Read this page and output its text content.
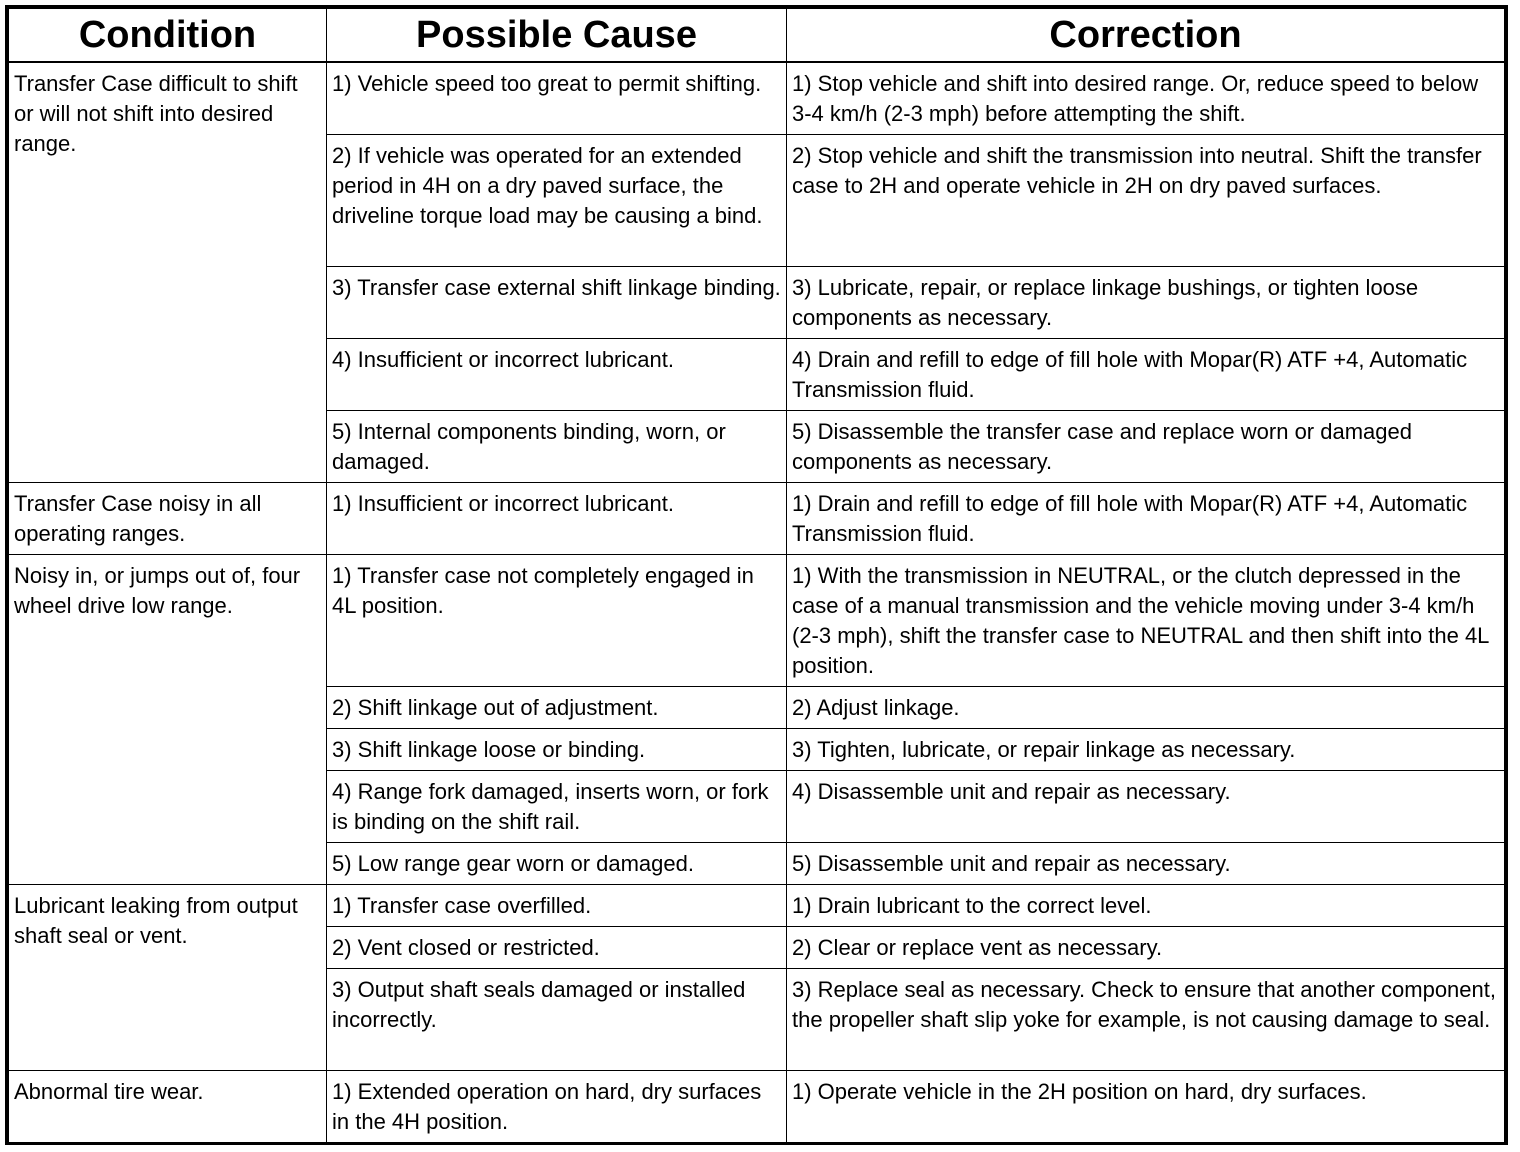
Condition	Possible Cause	Correction
Transfer Case difficult to shift or will not shift into desired range.	1) Vehicle speed too great to permit shifting.	1) Stop vehicle and shift into desired range. Or, reduce speed to below 3-4 km/h (2-3 mph) before attempting the shift.
	2) If vehicle was operated for an extended period in 4H on a dry paved surface, the driveline torque load may be causing a bind.	2) Stop vehicle and shift the transmission into neutral. Shift the transfer case to 2H and operate vehicle in 2H on dry paved surfaces.
	3) Transfer case external shift linkage binding.	3) Lubricate, repair, or replace linkage bushings, or tighten loose components as necessary.
	4) Insufficient or incorrect lubricant.	4) Drain and refill to edge of fill hole with Mopar(R) ATF +4, Automatic Transmission fluid.
	5) Internal components binding, worn, or damaged.	5) Disassemble the transfer case and replace worn or damaged components as necessary.
Transfer Case noisy in all operating ranges.	1) Insufficient or incorrect lubricant.	1) Drain and refill to edge of fill hole with Mopar(R) ATF +4, Automatic Transmission fluid.
Noisy in, or jumps out of, four wheel drive low range.	1) Transfer case not completely engaged in 4L position.	1) With the transmission in NEUTRAL, or the clutch depressed in the case of a manual transmission and the vehicle moving under 3-4 km/h (2-3 mph), shift the transfer case to NEUTRAL and then shift into the 4L position.
	2) Shift linkage out of adjustment.	2) Adjust linkage.
	3) Shift linkage loose or binding.	3) Tighten, lubricate, or repair linkage as necessary.
	4) Range fork damaged, inserts worn, or fork is binding on the shift rail.	4) Disassemble unit and repair as necessary.
	5) Low range gear worn or damaged.	5) Disassemble unit and repair as necessary.
Lubricant leaking from output shaft seal or vent.	1) Transfer case overfilled.	1) Drain lubricant to the correct level.
	2) Vent closed or restricted.	2) Clear or replace vent as necessary.
	3) Output shaft seals damaged or installed incorrectly.	3) Replace seal as necessary. Check to ensure that another component, the propeller shaft slip yoke for example, is not causing damage to seal.
Abnormal tire wear.	1) Extended operation on hard, dry surfaces in the 4H position.	1) Operate vehicle in the 2H position on hard, dry surfaces.
